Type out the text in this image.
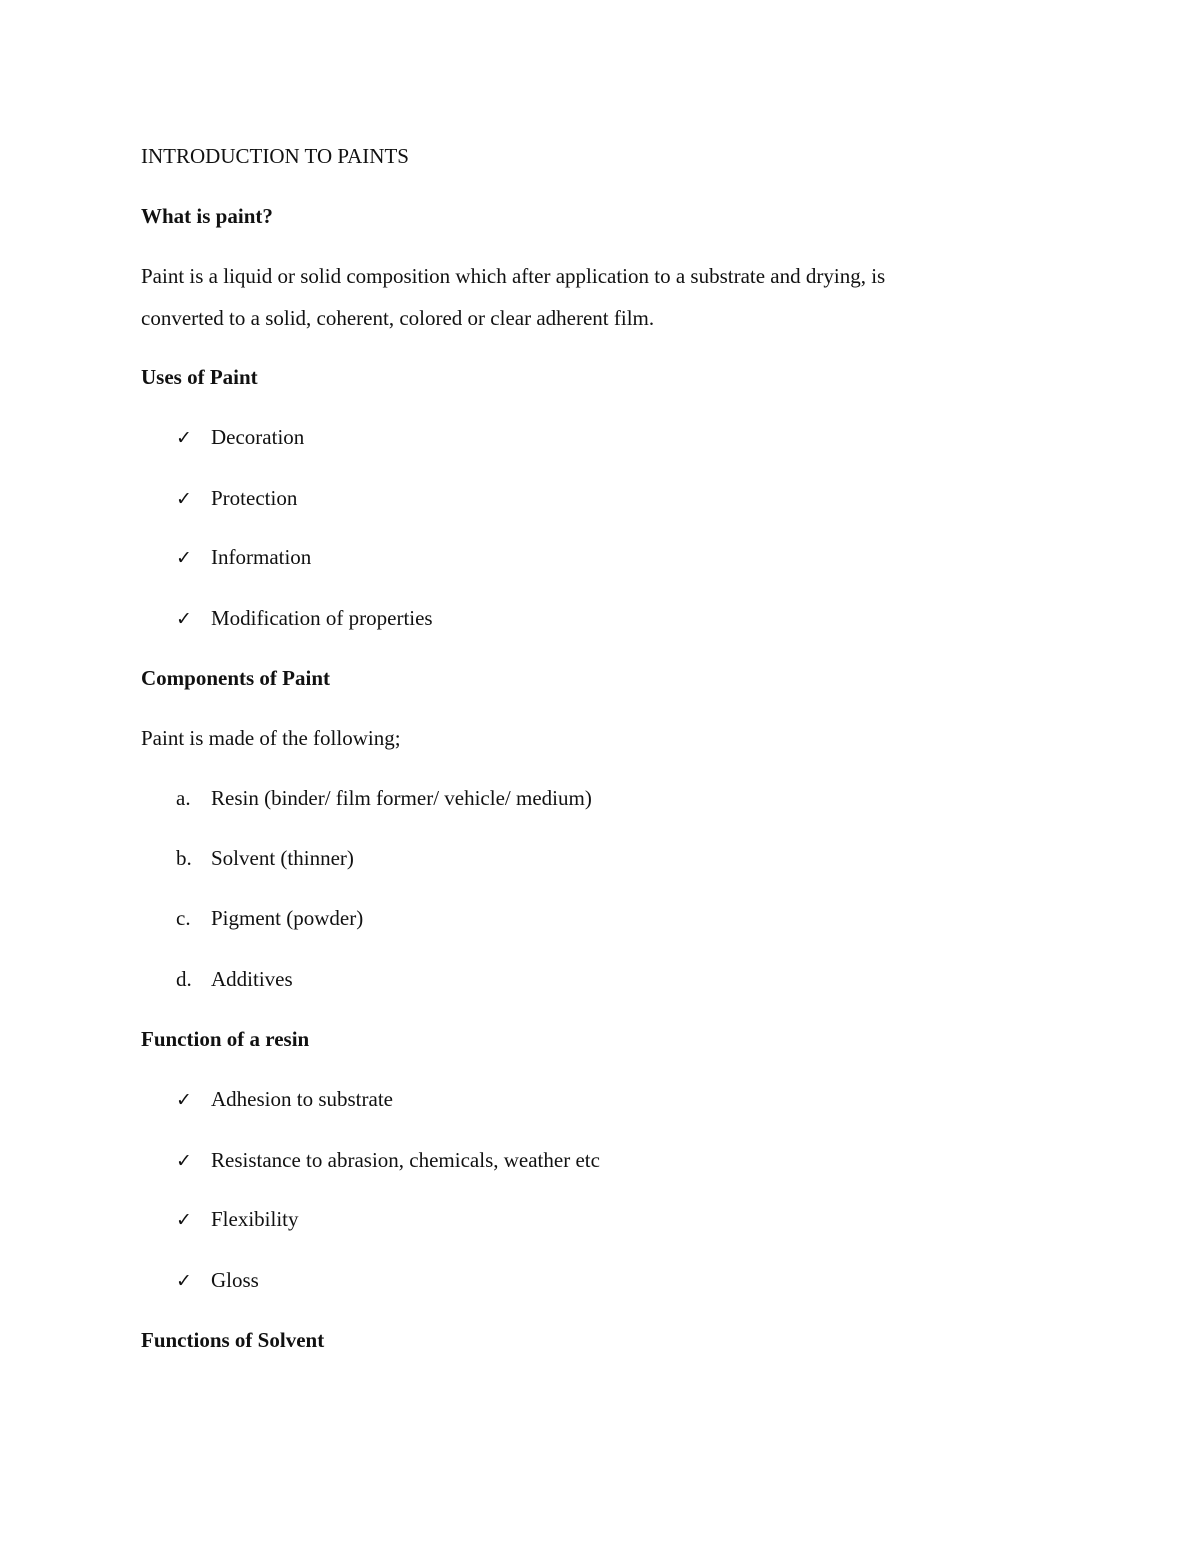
INTRODUCTION TO PAINTS
What is paint?
Paint is a liquid or solid composition which after application to a substrate and drying, is
converted to a solid, coherent, colored or clear adherent film.
Uses of Paint
✓ Decoration
✓ Protection
✓ Information
✓ Modification of properties
Components of Paint
Paint is made of the following;
a. Resin (binder/ film former/ vehicle/ medium)
b. Solvent (thinner)
c. Pigment (powder)
d. Additives
Function of a resin
✓ Adhesion to substrate
✓ Resistance to abrasion, chemicals, weather etc
✓ Flexibility
✓ Gloss
Functions of Solvent
